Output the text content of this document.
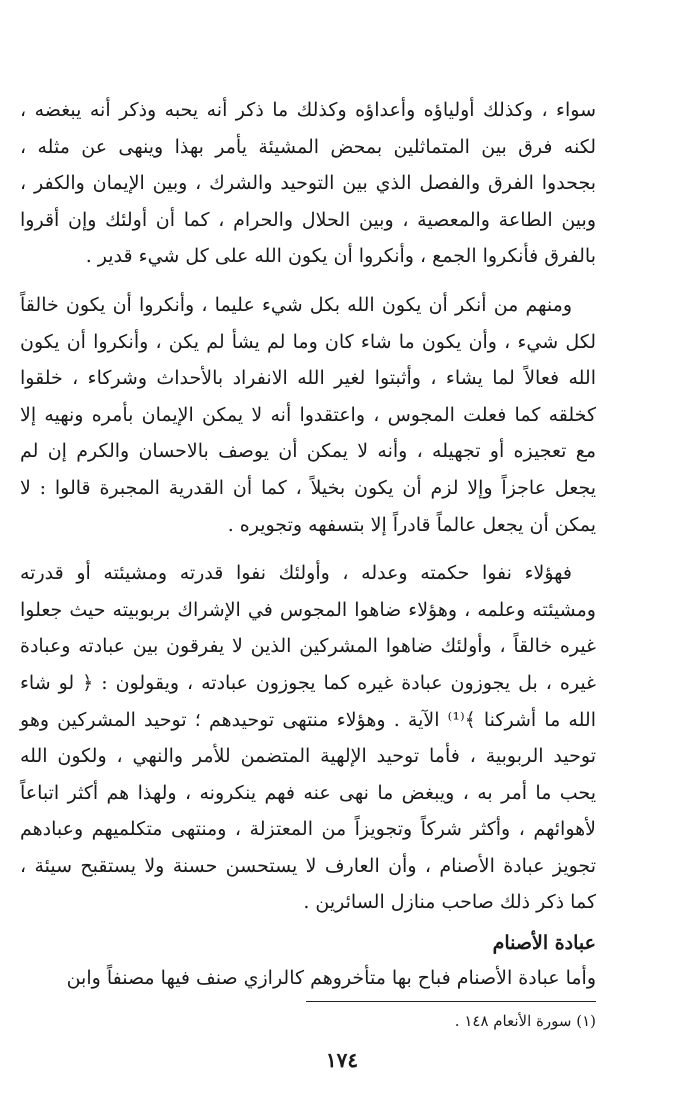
سواء ، وكذلك أولياؤه وأعداؤه وكذلك ما ذكر أنه يحبه وذكر أنه يبغضه ، لكنه فرق بين المتماثلين بمحض المشيئة يأمر بهذا وينهى عن مثله ، بجحدوا الفرق والفصل الذي بين التوحيد والشرك ، وبين الإيمان والكفر ، وبين الطاعة والمعصية ، وبين الحلال والحرام ، كما أن أولئك وإن أقروا بالفرق فأنكروا الجمع ، وأنكروا أن يكون الله على كل شيء قدير .

ومنهم من أنكر أن يكون الله بكل شيء عليما ، وأنكروا أن يكون خالقاً لكل شيء ، وأن يكون ما شاء كان وما لم يشأ لم يكن ، وأنكروا أن يكون الله فعالاً لما يشاء ، وأثبتوا لغير الله الانفراد بالأحداث وشركاء ، خلقوا كخلقه كما فعلت المجوس ، واعتقدوا أنه لا يمكن الإيمان بأمره ونهيه إلا مع تعجيزه أو تجهيله ، وأنه لا يمكن أن يوصف بالاحسان والكرم إن لم يجعل عاجزاً وإلا لزم أن يكون بخيلاً ، كما أن القدرية المجبرة قالوا : لا يمكن أن يجعل عالماً قادراً إلا بتسفهه وتجويره .

فهؤلاء نفوا حكمته وعدله ، وأولئك نفوا قدرته ومشيئته أو قدرته ومشيئته وعلمه ، وهؤلاء ضاهوا المجوس في الإشراك بربوبيته حيث جعلوا غيره خالقاً ، وأولئك ضاهوا المشركين الذين لا يفرقون بين عبادته وعبادة غيره ، بل يجوزون عبادة غيره كما يجوزون عبادته ، ويقولون : ﴿ لو شاء الله ما أشركنا ﴾⁽¹⁾ الآية . وهؤلاء منتهى توحيدهم ؛ توحيد المشركين وهو توحيد الربوبية ، فأما توحيد الإلهية المتضمن للأمر والنهي ، ولكون الله يحب ما أمر به ، ويبغض ما نهى عنه فهم ينكرونه ، ولهذا هم أكثر اتباعاً لأهوائهم ، وأكثر شركاً وتجويزاً من المعتزلة ، ومنتهى متكلميهم وعبادهم تجويز عبادة الأصنام ، وأن العارف لا يستحسن حسنة ولا يستقبح سيئة ، كما ذكر ذلك صاحب منازل السائرين .

عبادة الأصنام

وأما عبادة الأصنام فباح بها متأخروهم كالرازي صنف فيها مصنفاً وابن

(١) سورة الأنعام ١٤٨ .

١٧٤
